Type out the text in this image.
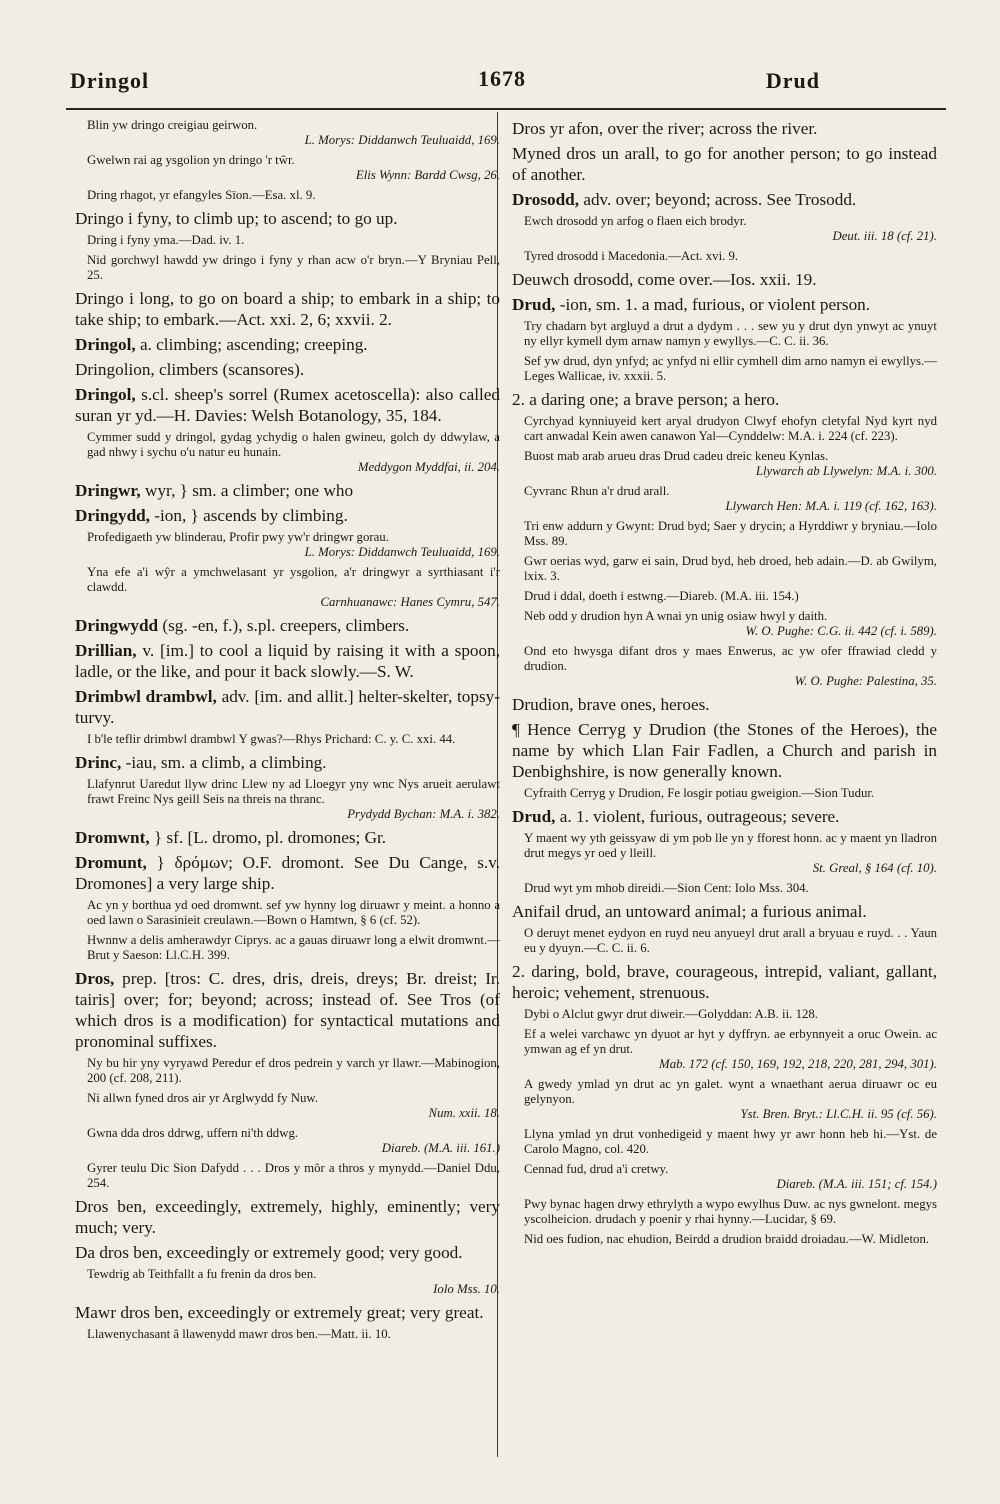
Dringol	1678	Drud
Blin yw dringo creigiau geirwon.
L. Morys: Diddanwch Teuluaidd, 169.
Gwelwn rai ag ysgolion yn dringo 'r tŵr.
Elis Wynn: Bardd Cwsg, 26.
Dring rhagot, yr efangyles Sïon.—Esa. xl. 9.
Dringo i fyny, to climb up; to ascend; to go up.
Dring i fyny yma.—Dad. iv. 1.
Nid gorchwyl hawdd yw dringo i fyny y rhan acw o'r bryn.—Y Bryniau Pell, 25.
Dringo i long, to go on board a ship; to embark in a ship; to take ship; to embark.—Act. xxi. 2, 6; xxvii. 2.
Dringol, a. climbing; ascending; creeping.
Dringolion, climbers (scansores).
Dringol, s.cl. sheep's sorrel (Rumex acetoscella): also called suran yr yd.—H. Davies: Welsh Botanology, 35, 184.
Cymmer sudd y dringol, gydag ychydig o halen gwineu, golch dy ddwylaw, a gad nhwy i sychu o'u natur eu hunain.
Meddygon Myddfai, ii. 204.
Dringwr, wyr, } sm. a climber; one who
Dringydd, -ion, } ascends by climbing.
Profedigaeth yw blinderau, Profir pwy yw'r dringwr gorau.
L. Morys: Diddanwch Teuluaidd, 169.
Yna efe a'i wŷr a ymchwelasant yr ysgolion, a'r dringwyr a syrthiasant i'r clawdd.
Carnhuanawc: Hanes Cymru, 547.
Dringwydd (sg. -en, f.), s.pl. creepers, climbers.
Drillian, v. [im.] to cool a liquid by raising it with a spoon, ladle, or the like, and pour it back slowly.—S. W.
Drimbwl drambwl, adv. [im. and allit.] helter-skelter, topsy-turvy.
I b'le teflir drimbwl drambwl Y gwas?—Rhys Prichard: C. y. C. xxi. 44.
Drinc, -iau, sm. a climb, a climbing.
Llafynrut Uaredut llyw drinc Llew ny ad Lloegyr yny wnc Nys arueit aerulawt frawt Freinc Nys geill Seis na threis na thranc.
Prydydd Bychan: M.A. i. 382.
Dromwnt, } sf. [L. dromo, pl. dromones; Gr.
Dromunt, } δρόμων; O.F. dromont. See Du Cange, s.v. Dromones] a very large ship.
Ac yn y borthua yd oed dromwnt. sef yw hynny log diruawr y meint. a honno a oed lawn o Sarasinieit creulawn.—Bown o Hamtwn, § 6 (cf. 52).
Hwnnw a delis amherawdyr Ciprys. ac a gauas diruawr long a elwit dromwnt.—Brut y Saeson: Ll.C.H. 399.
Dros, prep. [tros: C. dres, dris, dreis, dreys; Br. dreist; Ir. tairis] over; for; beyond; across; instead of. See Tros (of which dros is a modification) for syntactical mutations and pronominal suffixes.
Ny bu hir yny vyryawd Peredur ef dros pedrein y varch yr llawr.—Mabinogion, 200 (cf. 208, 211).
Ni allwn fyned dros air yr Arglwydd fy Nuw.
Num. xxii. 18.
Gwna dda dros ddrwg, uffern ni'th ddwg.
Diareb. (M.A. iii. 161.)
Gyrer teulu Dic Sion Dafydd . . . Dros y môr a thros y mynydd.—Daniel Ddu, 254.
Dros ben, exceedingly, extremely, highly, eminently; very much; very.
Da dros ben, exceedingly or extremely good; very good.
Tewdrig ab Teithfallt a fu frenin da dros ben.
Iolo Mss. 10.
Mawr dros ben, exceedingly or extremely great; very great.
Llawenychasant â llawenydd mawr dros ben.—Matt. ii. 10.
Dros yr afon, over the river; across the river.
Myned dros un arall, to go for another person; to go instead of another.
Drosodd, adv. over; beyond; across. See Trosodd.
Ewch drosodd yn arfog o flaen eich brodyr.
Deut. iii. 18 (cf. 21).
Tyred drosodd i Macedonia.—Act. xvi. 9.
Deuwch drosodd, come over.—Ios. xxii. 19.
Drud, -ion, sm. 1. a mad, furious, or violent person.
Try chadarn byt argluyd a drut a dydym . . . sew yu y drut dyn ynwyt ac ynuyt ny ellyr kymell dym arnaw namyn y ewyllys.—C. C. ii. 36.
Sef yw drud, dyn ynfyd; ac ynfyd ni ellir cymhell dim arno namyn ei ewyllys.—Leges Wallicae, iv. xxxii. 5.
2. a daring one; a brave person; a hero.
Cyrchyad kynniuyeid kert aryal drudyon Clwyf ehofyn cletyfal Nyd kyrt nyd cart anwadal Kein awen canawon Yal—Cynddelw: M.A. i. 224 (cf. 223).
Buost mab arab arueu dras Drud cadeu dreic keneu Kynlas.
Llywarch ab Llywelyn: M.A. i. 300.
Cyvranc Rhun a'r drud arall.
Llywarch Hen: M.A. i. 119 (cf. 162, 163).
Tri enw addurn y Gwynt: Drud byd; Saer y drycin; a Hyrddiwr y bryniau.—Iolo Mss. 89.
Gwr oerias wyd, garw ei sain, Drud byd, heb droed, heb adain.—D. ab Gwilym, lxix. 3.
Drud i ddal, doeth i estwng.—Diareb. (M.A. iii. 154.)
Neb odd y drudion hyn A wnai yn unig osiaw hwyl y daith.
W. O. Pughe: C.G. ii. 442 (cf. i. 589).
Ond eto hwysga difant dros y maes Enwerus, ac yw ofer ffrawiad cledd y drudion.
W. O. Pughe: Palestina, 35.
Drudion, brave ones, heroes.
¶ Hence Cerryg y Drudion (the Stones of the Heroes), the name by which Llan Fair Fadlen, a Church and parish in Denbighshire, is now generally known.
Cyfraith Cerryg y Drudion, Fe losgir potiau gweigion.—Sion Tudur.
Drud, a. 1. violent, furious, outrageous; severe.
Y maent wy yth geissyaw di ym pob lle yn y fforest honn. ac y maent yn lladron drut megys yr oed y lleill.
St. Greal, § 164 (cf. 10).
Drud wyt ym mhob direidi.—Sion Cent: Iolo Mss. 304.
Anifail drud, an untoward animal; a furious animal.
O deruyt menet eydyon en ruyd neu anyueyl drut arall a bryuau e ruyd. . . Yaun eu y dyuyn.—C. C. ii. 6.
2. daring, bold, brave, courageous, intrepid, valiant, gallant, heroic; vehement, strenuous.
Dybi o Alclut gwyr drut diweir.—Golyddan: A.B. ii. 128.
Ef a welei varchawc yn dyuot ar hyt y dyffryn. ae erbynnyeit a oruc Owein. ac ymwan ag ef yn drut.
Mab. 172 (cf. 150, 169, 192, 218, 220, 281, 294, 301).
A gwedy ymlad yn drut ac yn galet. wynt a wnaethant aerua diruawr oc eu gelynyon.
Yst. Bren. Bryt.: Ll.C.H. ii. 95 (cf. 56).
Llyna ymlad yn drut vonhedigeid y maent hwy yr awr honn heb hi.—Yst. de Carolo Magno, col. 420.
Cennad fud, drud a'i cretwy.
Diareb. (M.A. iii. 151; cf. 154.)
Pwy bynac hagen drwy ethrylyth a wypo ewylhus Duw. ac nys gwnelont. megys yscolheicion. drudach y poenir y rhai hynny.—Lucidar, § 69.
Nid oes fudion, nac ehudion, Beirdd a drudion braidd droiadau.—W. Midleton.
